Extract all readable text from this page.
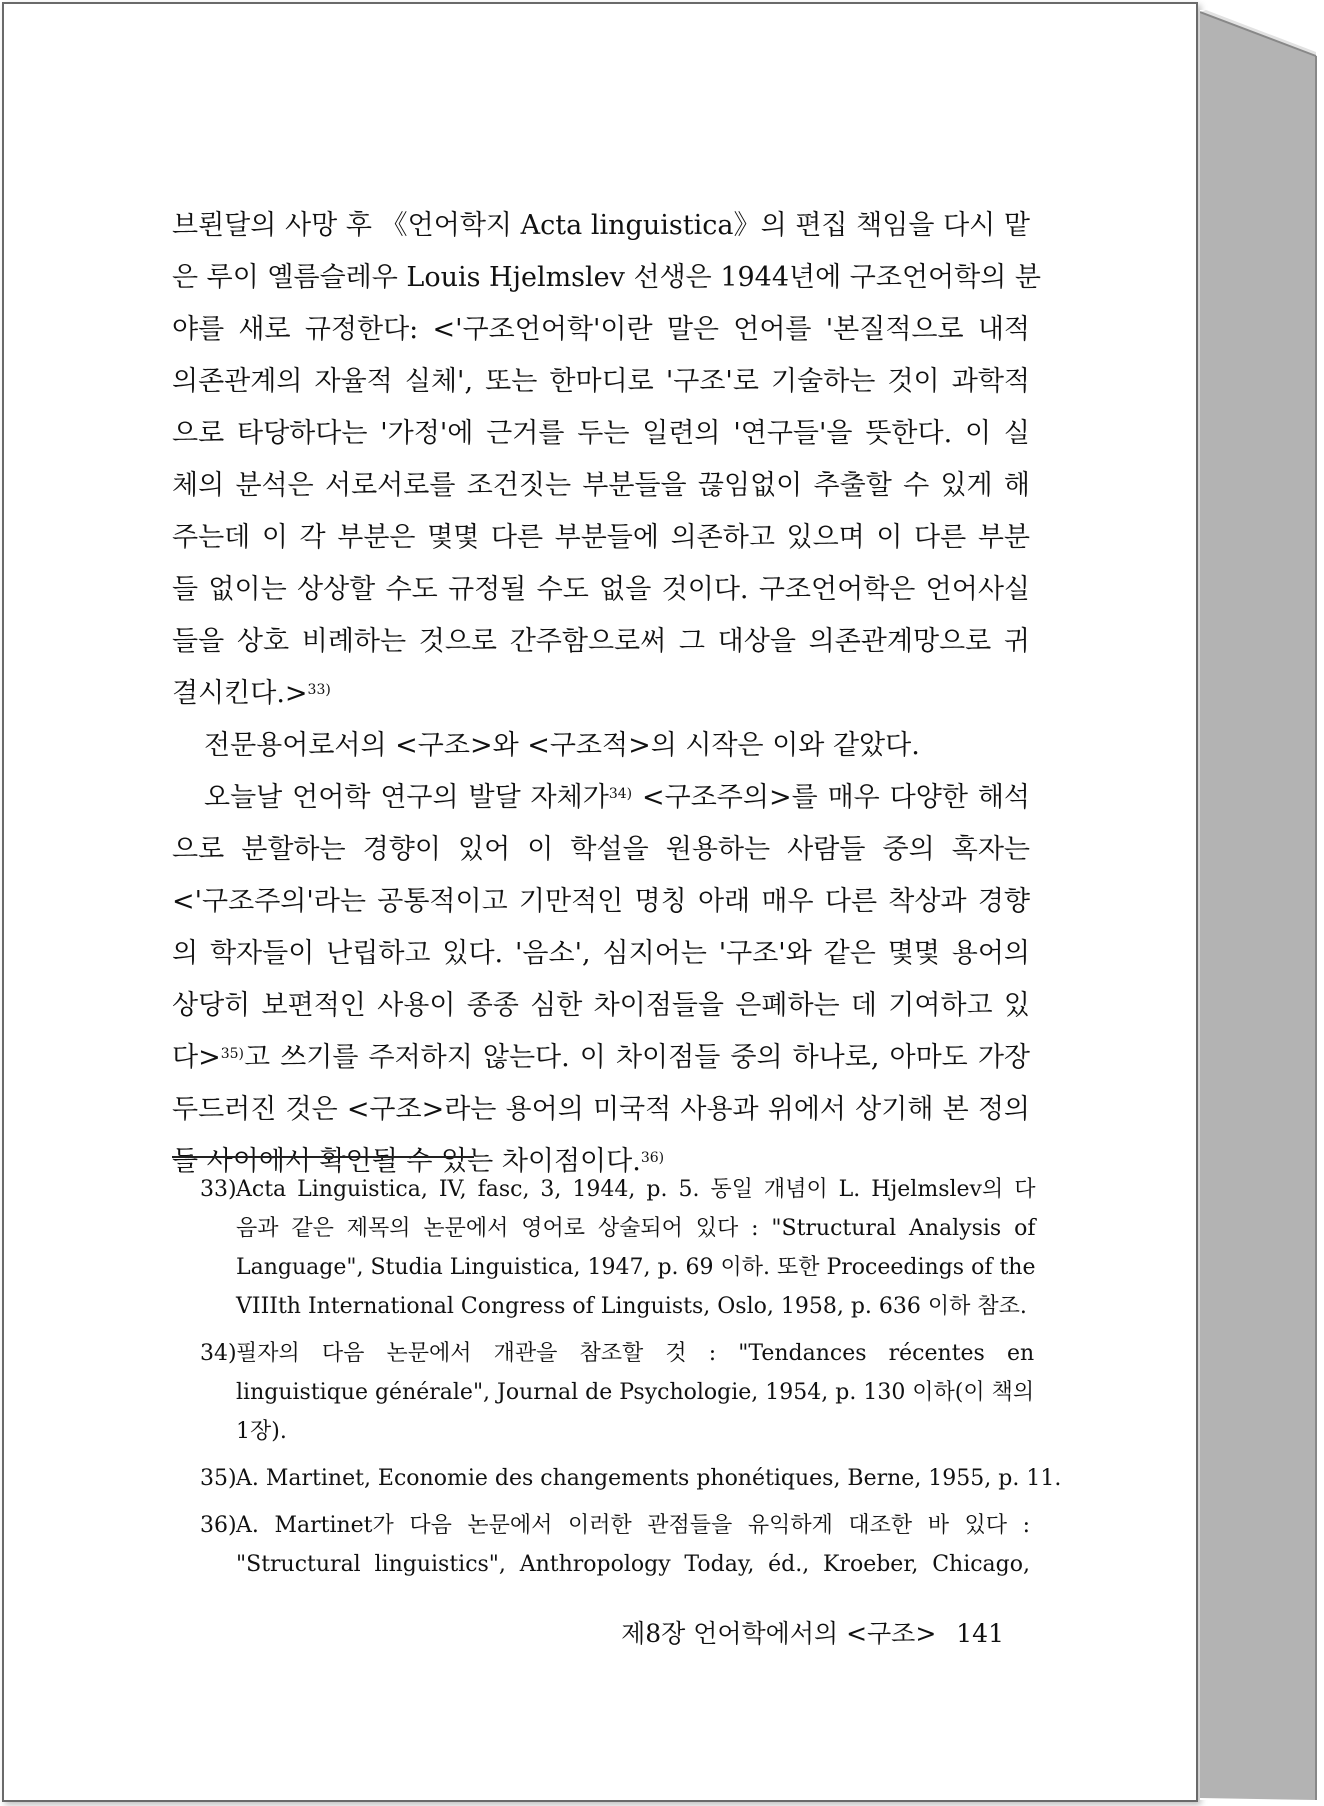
브뢴달의 사망 후 《언어학지 Acta linguistica》의 편집 책임을 다시 맡
은 루이 옐름슬레우 Louis Hjelmslev 선생은 1944년에 구조언어학의 분
야를 새로 규정한다: <'구조언어학'이란 말은 언어를 '본질적으로 내적
의존관계의 자율적 실체', 또는 한마디로 '구조'로 기술하는 것이 과학적
으로 타당하다는 '가정'에 근거를 두는 일련의 '연구들'을 뜻한다. 이 실
체의 분석은 서로서로를 조건짓는 부분들을 끊임없이 추출할 수 있게 해
주는데 이 각 부분은 몇몇 다른 부분들에 의존하고 있으며 이 다른 부분
들 없이는 상상할 수도 규정될 수도 없을 것이다. 구조언어학은 언어사실
들을 상호 비례하는 것으로 간주함으로써 그 대상을 의존관계망으로 귀
결시킨다.>$^{33)}$
전문용어로서의 <구조>와 <구조적>의 시작은 이와 같았다.
오늘날 언어학 연구의 발달 자체가$^{34)}$ <구조주의>를 매우 다양한 해석
으로 분할하는 경향이 있어 이 학설을 원용하는 사람들 중의 혹자는
<'구조주의'라는 공통적이고 기만적인 명칭 아래 매우 다른 착상과 경향
의 학자들이 난립하고 있다. '음소', 심지어는 '구조'와 같은 몇몇 용어의
상당히 보편적인 사용이 종종 심한 차이점들을 은폐하는 데 기여하고 있
다>$^{35)}$고 쓰기를 주저하지 않는다. 이 차이점들 중의 하나로, 아마도 가장
두드러진 것은 <구조>라는 용어의 미국적 사용과 위에서 상기해 본 정의
들 사이에서 확인될 수 있는 차이점이다.$^{36)}$
33) Acta Linguistica, IV, fasc, 3, 1944, p. 5. 동일 개념이 L. Hjelmslev의 다
음과 같은 제목의 논문에서 영어로 상술되어 있다 : "Structural Analysis of
Language", Studia Linguistica, 1947, p. 69 이하. 또한 Proceedings of the
VIIIth International Congress of Linguists, Oslo, 1958, p. 636 이하 참조.
34) 필자의 다음 논문에서 개관을 참조할 것 : "Tendances récentes en
linguistique générale", Journal de Psychologie, 1954, p. 130 이하(이 책의
1장).
35) A. Martinet, Economie des changements phonétiques, Berne, 1955, p. 11.
36) A. Martinet가 다음 논문에서 이러한 관점들을 유익하게 대조한 바 있다 :
"Structural linguistics", Anthropology Today, éd., Kroeber, Chicago,
제8장 언어학에서의 <구조> 141
